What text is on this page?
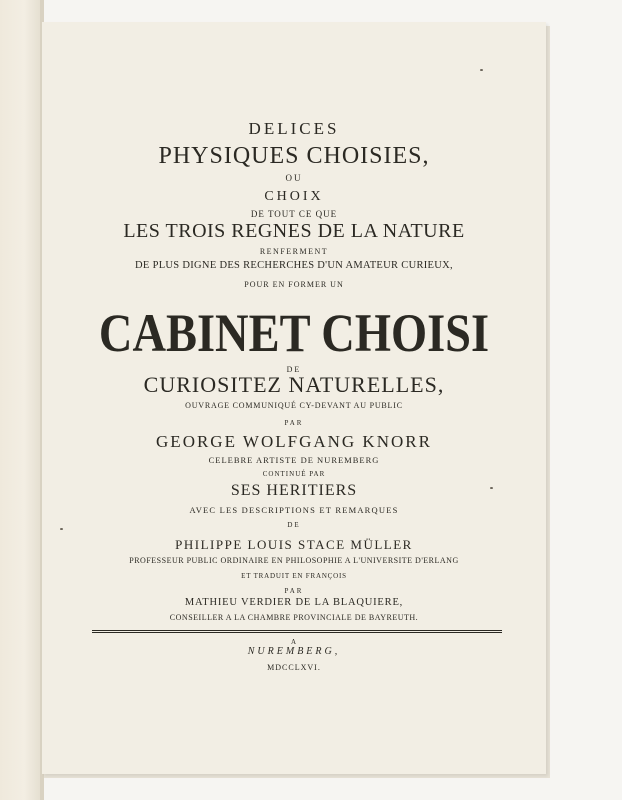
DELICES
PHYSIQUES CHOISIES,
OU
CHOIX
DE TOUT CE QUE
LES TROIS REGNES DE LA NATURE
RENFERMENT
DE PLUS DIGNE DES RECHERCHES D'UN AMATEUR CURIEUX,
POUR EN FORMER UN
CABINET CHOISI
DE
CURIOSITEZ NATURELLES,
OUVRAGE COMMUNIQUÉ CY-DEVANT AU PUBLIC
PAR
GEORGE WOLFGANG KNORR
CELEBRE ARTISTE DE NUREMBERG
CONTINUÉ PAR
SES HERITIERS
AVEC LES DESCRIPTIONS ET REMARQUES
DE
PHILIPPE LOUIS STACE MÜLLER
PROFESSEUR PUBLIC ORDINAIRE EN PHILOSOPHIE A L'UNIVERSITE D'ERLANG
ET TRADUIT EN FRANÇOIS
PAR
MATHIEU VERDIER DE LA BLAQUIERE,
CONSEILLER A LA CHAMBRE PROVINCIALE DE BAYREUTH.
A
NUREMBERG,
MDCCLXVI.
